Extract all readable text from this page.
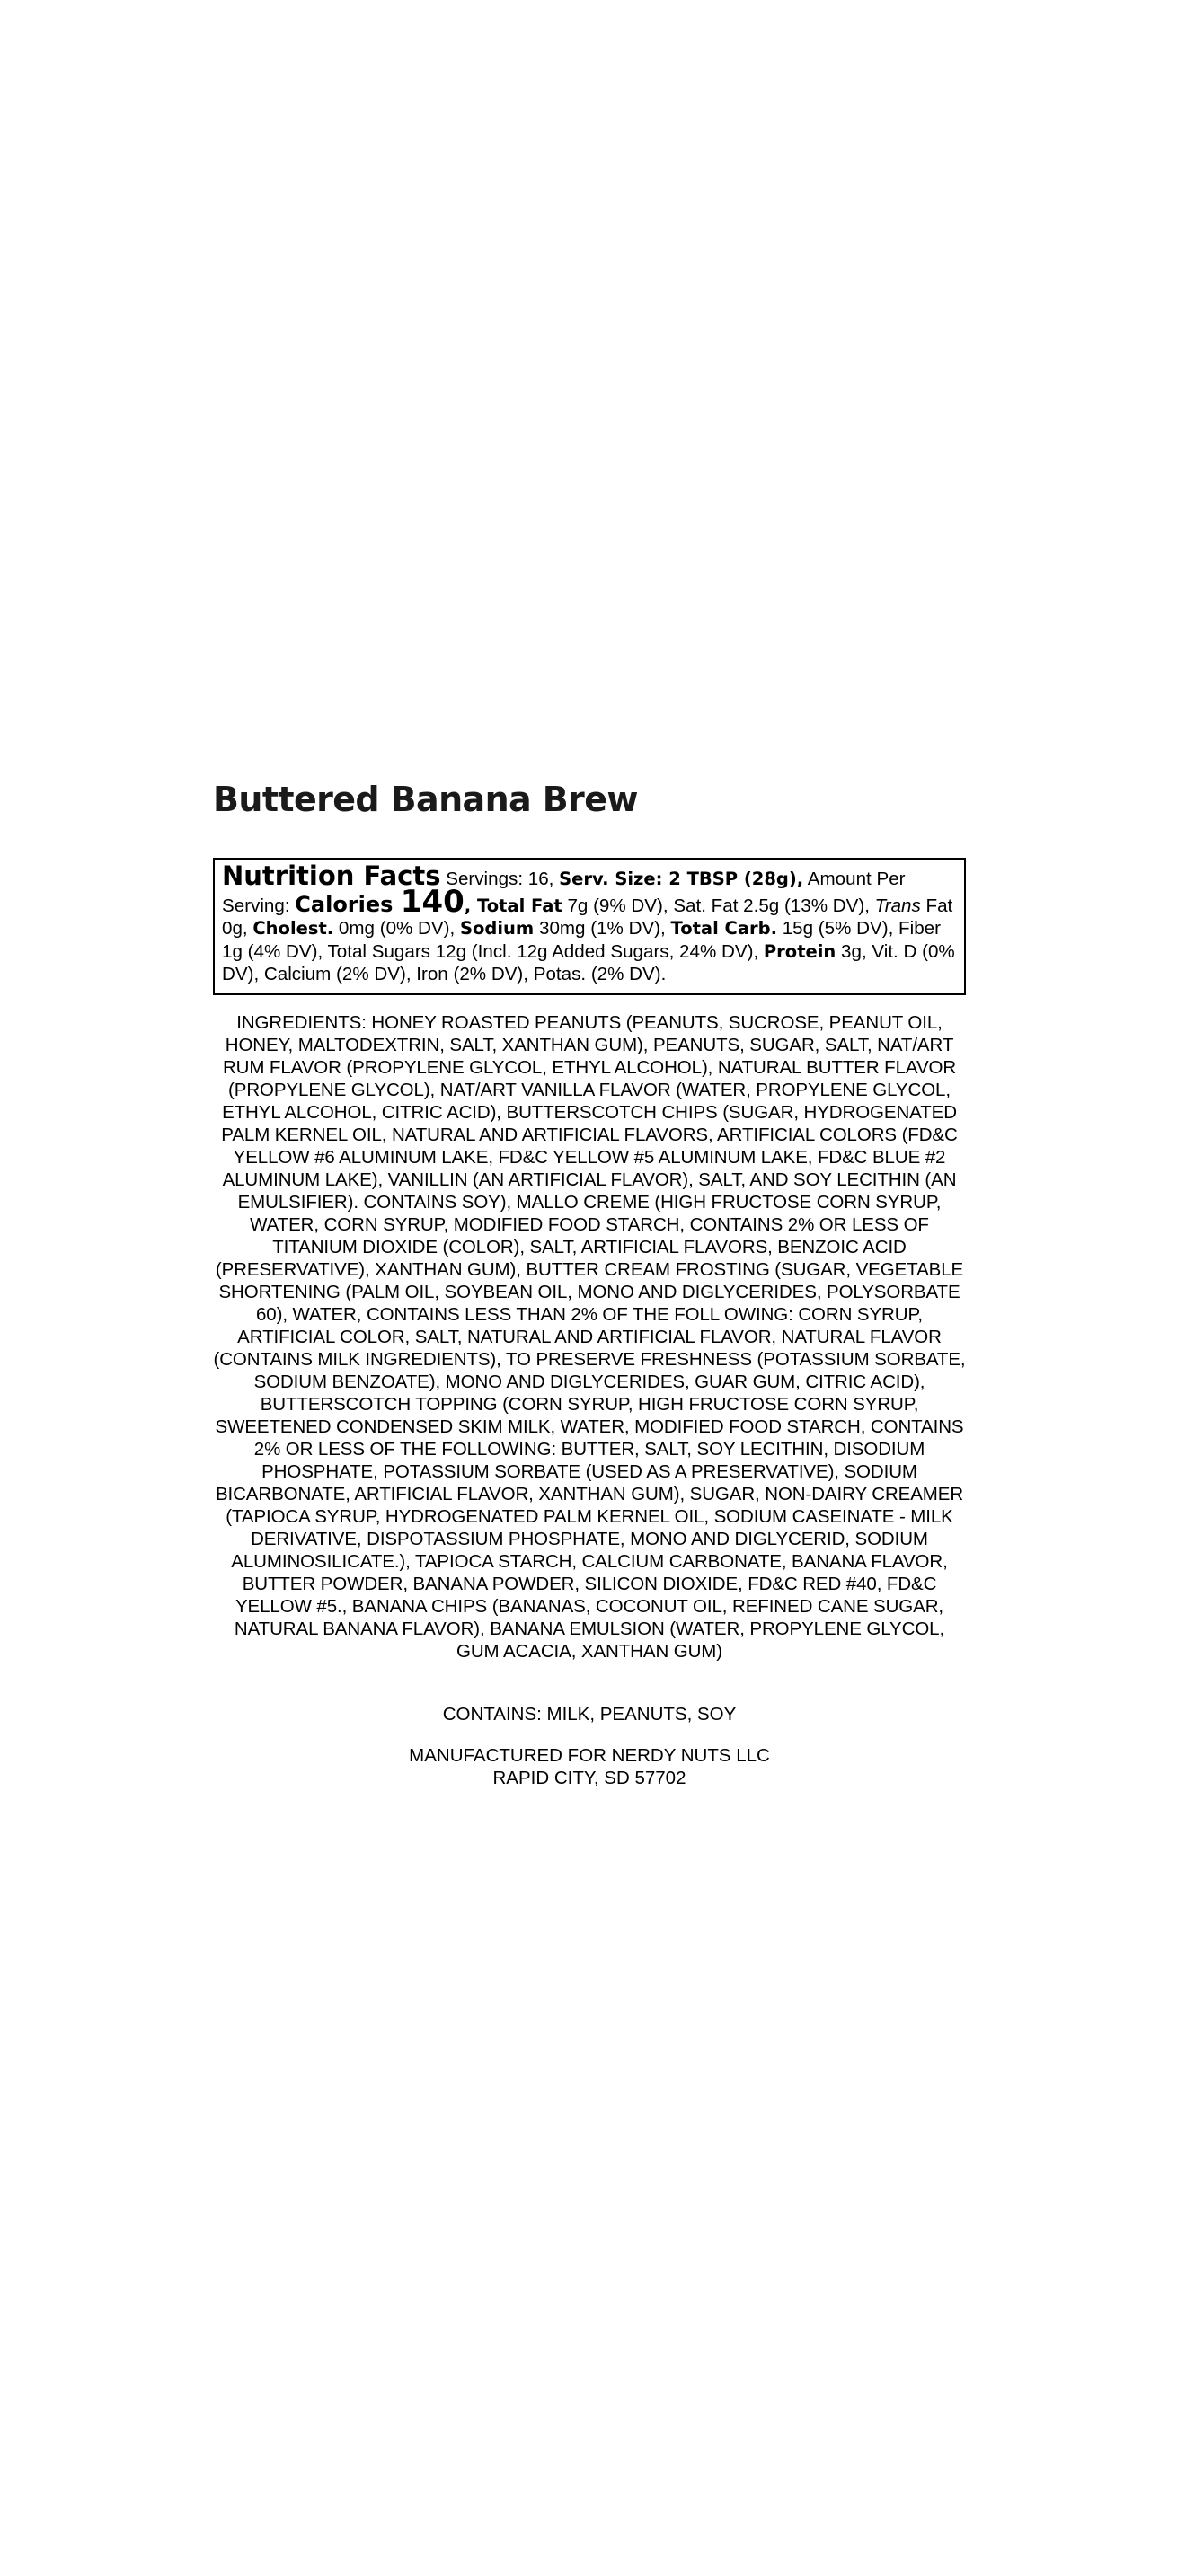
Buttered Banana Brew
Nutrition Facts Servings: 16, Serv. Size: 2 TBSP (28g), Amount Per Serving: Calories 140, Total Fat 7g (9% DV), Sat. Fat 2.5g (13% DV), Trans Fat 0g, Cholest. 0mg (0% DV), Sodium 30mg (1% DV), Total Carb. 15g (5% DV), Fiber 1g (4% DV), Total Sugars 12g (Incl. 12g Added Sugars, 24% DV), Protein 3g, Vit. D (0% DV), Calcium (2% DV), Iron (2% DV), Potas. (2% DV).

INGREDIENTS: HONEY ROASTED PEANUTS (PEANUTS, SUCROSE, PEANUT OIL, HONEY, MALTODEXTRIN, SALT, XANTHAN GUM), PEANUTS, SUGAR, SALT, NAT/ART RUM FLAVOR (PROPYLENE GLYCOL, ETHYL ALCOHOL), NATURAL BUTTER FLAVOR (PROPYLENE GLYCOL), NAT/ART VANILLA FLAVOR (WATER, PROPYLENE GLYCOL, ETHYL ALCOHOL, CITRIC ACID), BUTTERSCOTCH CHIPS (SUGAR, HYDROGENATED PALM KERNEL OIL, NATURAL AND ARTIFICIAL FLAVORS, ARTIFICIAL COLORS (FD&C YELLOW #6 ALUMINUM LAKE, FD&C YELLOW #5 ALUMINUM LAKE, FD&C BLUE #2 ALUMINUM LAKE), VANILLIN (AN ARTIFICIAL FLAVOR), SALT, AND SOY LECITHIN (AN EMULSIFIER). CONTAINS SOY), MALLO CREME (HIGH FRUCTOSE CORN SYRUP, WATER, CORN SYRUP, MODIFIED FOOD STARCH, CONTAINS 2% OR LESS OF TITANIUM DIOXIDE (COLOR), SALT, ARTIFICIAL FLAVORS, BENZOIC ACID (PRESERVATIVE), XANTHAN GUM), BUTTER CREAM FROSTING (SUGAR, VEGETABLE SHORTENING (PALM OIL, SOYBEAN OIL, MONO AND DIGLYCERIDES, POLYSORBATE 60), WATER, CONTAINS LESS THAN 2% OF THE FOLL OWING: CORN SYRUP, ARTIFICIAL COLOR, SALT, NATURAL AND ARTIFICIAL FLAVOR, NATURAL FLAVOR (CONTAINS MILK INGREDIENTS), TO PRESERVE FRESHNESS (POTASSIUM SORBATE, SODIUM BENZOATE), MONO AND DIGLYCERIDES, GUAR GUM, CITRIC ACID), BUTTERSCOTCH TOPPING (CORN SYRUP, HIGH FRUCTOSE CORN SYRUP, SWEETENED CONDENSED SKIM MILK, WATER, MODIFIED FOOD STARCH, CONTAINS 2% OR LESS OF THE FOLLOWING: BUTTER, SALT, SOY LECITHIN, DISODIUM PHOSPHATE, POTASSIUM SORBATE (USED AS A PRESERVATIVE), SODIUM BICARBONATE, ARTIFICIAL FLAVOR, XANTHAN GUM), SUGAR, NON-DAIRY CREAMER (TAPIOCA SYRUP, HYDROGENATED PALM KERNEL OIL, SODIUM CASEINATE - MILK DERIVATIVE, DISPOTASSIUM PHOSPHATE, MONO AND DIGLYCERID, SODIUM ALUMINOSILICATE.), TAPIOCA STARCH, CALCIUM CARBONATE, BANANA FLAVOR, BUTTER POWDER, BANANA POWDER, SILICON DIOXIDE, FD&C RED #40, FD&C YELLOW #5., BANANA CHIPS (BANANAS, COCONUT OIL, REFINED CANE SUGAR, NATURAL BANANA FLAVOR), BANANA EMULSION (WATER, PROPYLENE GLYCOL, GUM ACACIA, XANTHAN GUM)

CONTAINS: MILK, PEANUTS, SOY

MANUFACTURED FOR NERDY NUTS LLC
RAPID CITY, SD 57702
